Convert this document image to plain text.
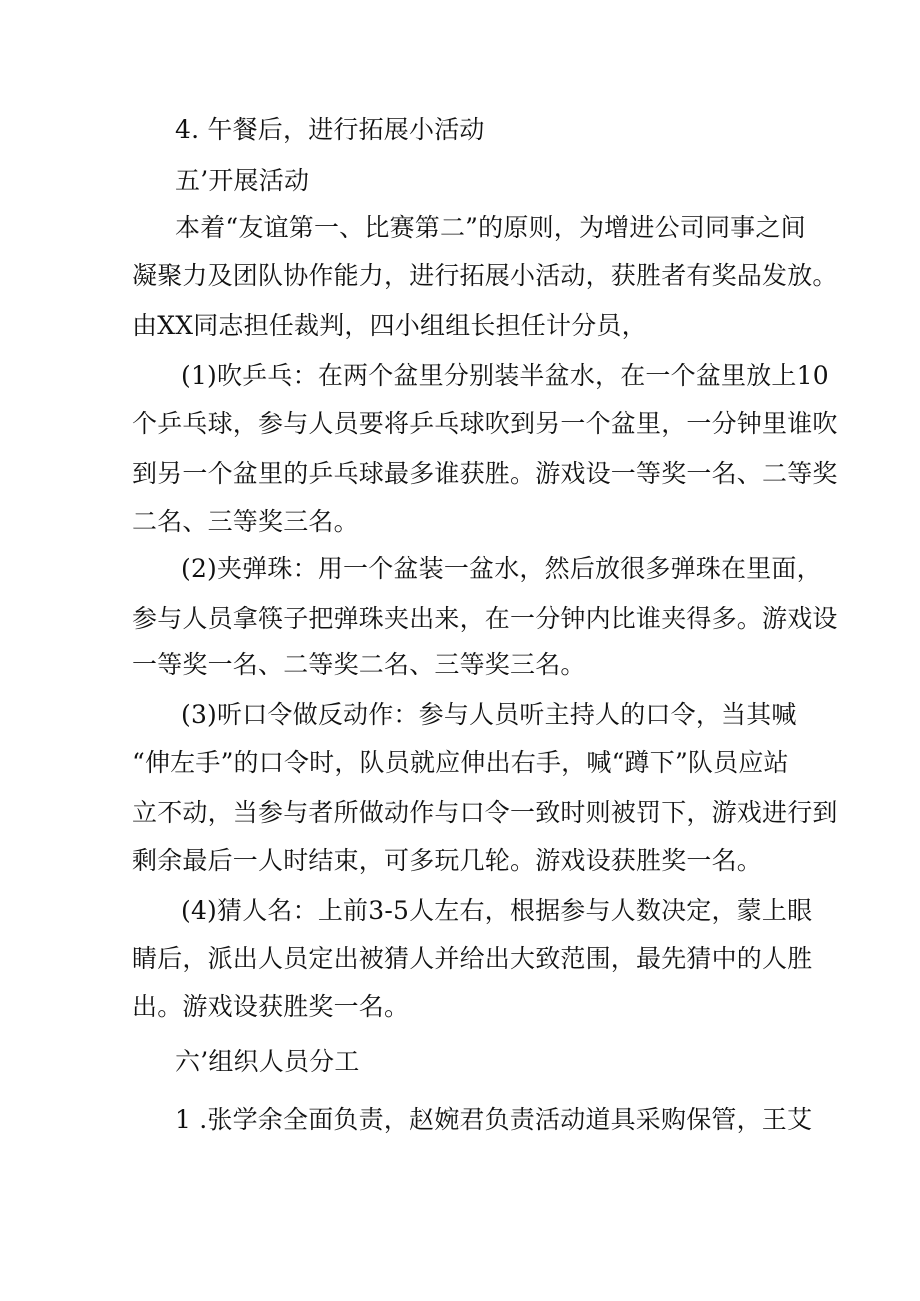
4. 午餐后，进行拓展小活动
五’开展活动
本着“友谊第一、比赛第二”的原则，为增进公司同事之间
凝聚力及团队协作能力，进行拓展小活动，获胜者有奖品发放。
由XX同志担任裁判，四小组组长担任计分员，
(1)吹乒乓：在两个盆里分别装半盆水，在一个盆里放上10
个乒乓球，参与人员要将乒乓球吹到另一个盆里，一分钟里谁吹
到另一个盆里的乒乓球最多谁获胜。游戏设一等奖一名、二等奖
二名、三等奖三名。
(2)夹弹珠：用一个盆装一盆水，然后放很多弹珠在里面，
参与人员拿筷子把弹珠夹出来，在一分钟内比谁夹得多。游戏设
一等奖一名、二等奖二名、三等奖三名。
(3)听口令做反动作：参与人员听主持人的口令，当其喊
“伸左手”的口令时，队员就应伸出右手，喊“蹲下”队员应站
立不动，当参与者所做动作与口令一致时则被罚下，游戏进行到
剩余最后一人时结束，可多玩几轮。游戏设获胜奖一名。
(4)猜人名：上前3-5人左右，根据参与人数决定，蒙上眼
睛后，派出人员定出被猜人并给出大致范围，最先猜中的人胜
出。游戏设获胜奖一名。
六’组织人员分工
1 .张学余全面负责，赵婉君负责活动道具采购保管，王艾
